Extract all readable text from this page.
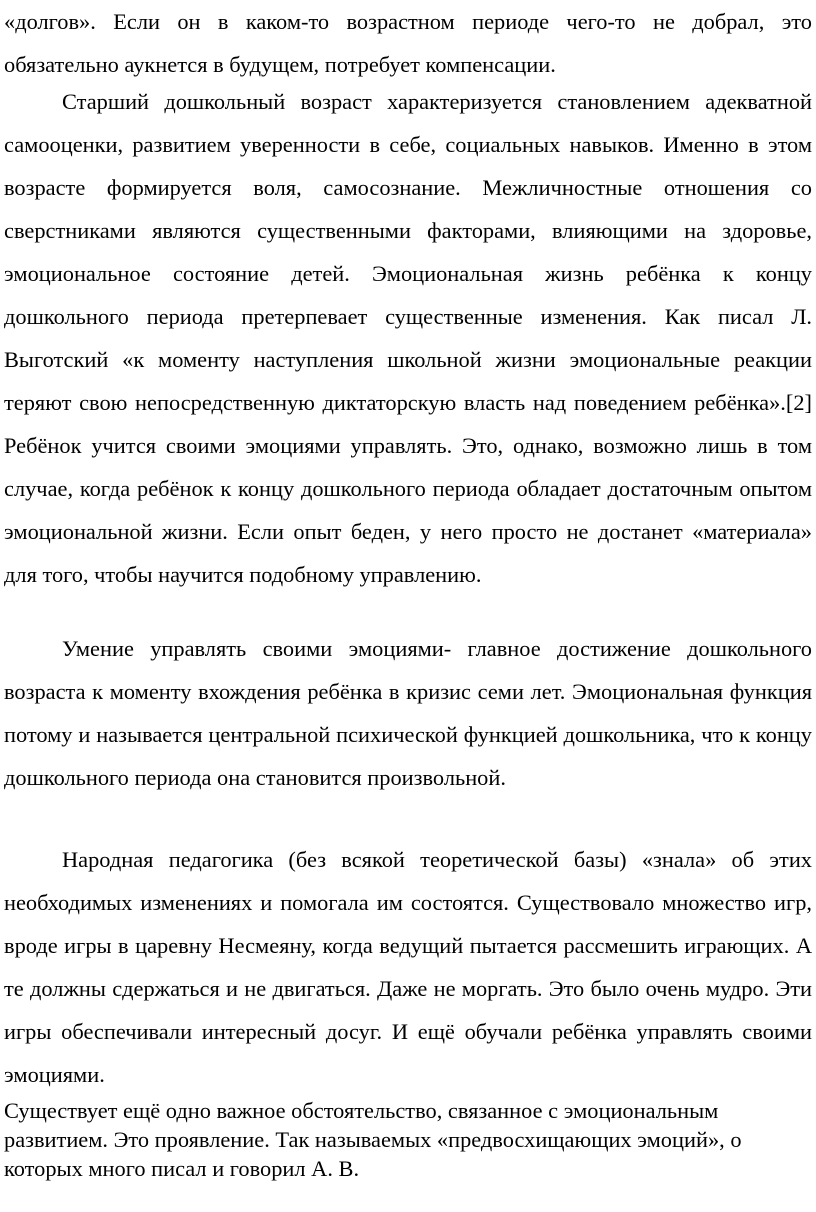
«долгов». Если он в каком-то возрастном периоде чего-то не добрал, это обязательно аукнется в будущем, потребует компенсации.

Старший дошкольный возраст характеризуется становлением адекватной самооценки, развитием уверенности в себе, социальных навыков. Именно в этом возрасте формируется воля, самосознание. Межличностные отношения со сверстниками являются существенными факторами, влияющими на здоровье, эмоциональное состояние детей. Эмоциональная жизнь ребёнка к концу дошкольного периода претерпевает существенные изменения. Как писал Л. Выготский «к моменту наступления школьной жизни эмоциональные реакции теряют свою непосредственную диктаторскую власть над поведением ребёнка».[2] Ребёнок учится своими эмоциями управлять. Это, однако, возможно лишь в том случае, когда ребёнок к концу дошкольного периода обладает достаточным опытом эмоциональной жизни. Если опыт беден, у него просто не достанет «материала» для того, чтобы научится подобному управлению.

Умение управлять своими эмоциями- главное достижение дошкольного возраста к моменту вхождения ребёнка в кризис семи лет. Эмоциональная функция потому и называется центральной психической функцией дошкольника, что к концу дошкольного периода она становится произвольной.

Народная педагогика (без всякой теоретической базы) «знала» об этих необходимых изменениях и помогала им состоятся. Существовало множество игр, вроде игры в царевну Несмеяну, когда ведущий пытается рассмешить играющих. А те должны сдержаться и не двигаться. Даже не моргать. Это было очень мудро. Эти игры обеспечивали интересный досуг. И ещё обучали ребёнка управлять своими эмоциями.

Существует ещё одно важное обстоятельство, связанное с эмоциональным развитием. Это проявление. Так называемых «предвосхищающих эмоций», о которых много писал и говорил А. В.
